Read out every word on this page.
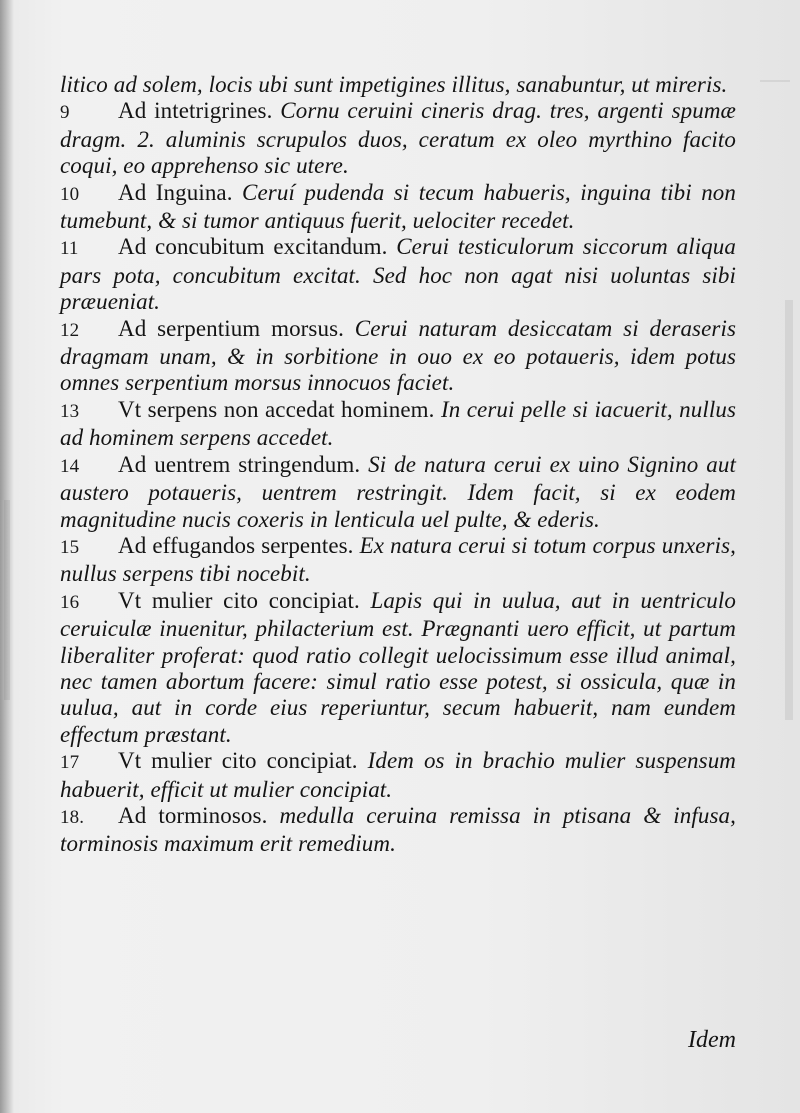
litico ad solem, locis ubi sunt impetigines illitus, sanabuntur, ut mireris.

9 Ad intetrigrines. Cornu ceruini cineris drag. tres, argenti spumæ dragm. 2. aluminis scrupulos duos, ceratum ex oleo myrthino facito coqui, eo apprehenso sic utere.

10 Ad Inguina. Ceruí pudenda si tecum habueris, inguina tibi non tumebunt, & si tumor antiquus fuerit, uelociter recedet.

11 Ad concubitum excitandum. Cerui testiculorum siccorum aliqua pars pota, concubitum excitat. Sed hoc non agat nisi uoluntas sibi præueniat.

12 Ad serpentium morsus. Cerui naturam desiccatam si deraseris dragmam unam, & in sorbitione in ouo ex eo potaueris, idem potus omnes serpentium morsus innocuos faciet.

13 Vt serpens non accedat hominem. In cerui pelle si iacuerit, nullus ad hominem serpens accedet.

14 Ad uentrem stringendum. Si de natura cerui ex uino Signino aut austero potaueris, uentrem restringit. Idem facit, si ex eodem magnitudine nucis coxeris in lenticula uel pulte, & ederis.

15 Ad effugandos serpentes. Ex natura cerui si totum corpus unxeris, nullus serpens tibi nocebit.

16 Vt mulier cito concipiat. Lapis qui in uulua, aut in uentriculo ceruiculæ inuenitur, philacterium est. Prægnanti uero efficit, ut partum liberaliter proferat: quod ratio collegit uelocissimum esse illud animal, nec tamen abortum facere: simul ratio esse potest, si ossicula, quæ in uulua, aut in corde eius reperiuntur, secum habuerit, nam eundem effectum præstant.

17 Vt mulier cito concipiat. Idem os in brachio mulier suspensum habuerit, efficit ut mulier concipiat.

18. Ad torminosos. medulla ceruina remissa in ptisana & infusa, torminosis maximum erit remedium.

Idem
